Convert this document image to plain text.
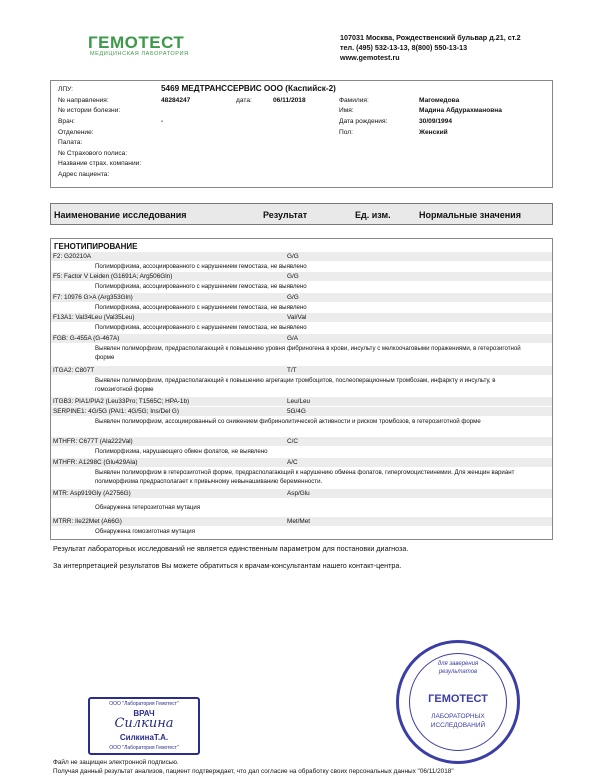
ГЕМОТЕСТ
МЕДИЦИНСКАЯ ЛАБОРАТОРИЯ
107031 Москва, Рождественский бульвар д.21, ст.2
тел. (495) 532-13-13, 8(800) 550-13-13
www.gemotest.ru
ЛПУ:	5469 МЕДТРАНССЕРВИС ООО (Каспийск-2)
№ направления:	48284247	дата:	06/11/2018
№ истории болезни:
Врач:	-
Отделение:
Палата:
№ Страхового полиса:
Название страх. компании:
Адрес пациента:
Фамилия:	Магомедова
Имя:	Мадина Абдурахмановна
Дата рождения:	30/09/1994
Пол:	Женский
Наименование исследования	Результат	Ед. изм.	Нормальные значения
ГЕНОТИПИРОВАНИЕ
F2: G20210A	G/G
Полиморфизма, ассоциированного с нарушением гемостаза, не выявлено
F5: Factor V Leiden (G1691A; Arg506Gln)	G/G
Полиморфизма, ассоциированного с нарушением гемостаза, не выявлено
F7: 10976 G>A (Arg353Gln)	G/G
Полиморфизма, ассоциированного с нарушением гемостаза, не выявлено
F13A1: Val34Leu (Val35Leu)	Val/Val
Полиморфизма, ассоциированного с нарушением гемостаза, не выявлено
FGB: G-455A (G-467A)	G/A
Выявлен полиморфизм, предрасполагающий к повышению уровня фибриногена в крови, инсульту с мелкоочаговыми поражениями, в гетерозиготной форме
ITGA2: C807T	T/T
Выявлен полиморфизм, предрасполагающий к повышению агрегации тромбоцитов, послеоперационным тромбозам, инфаркту и инсульту, в гомозиготной форме
ITGB3: PlA1/PlA2 (Leu33Pro; T1565C; HPA-1b)	Leu/Leu
SERPINE1: 4G/5G (PAI1: 4G/5G; Ins/Del G)	5G/4G
Выявлен полиморфизм, ассоциированный со снижением фибринолитической активности и риском тромбозов, в гетерозиготной форме
MTHFR: C677T (Ala222Val)	C/C
Полиморфизма, нарушающего обмен фолатов, не выявлено
MTHFR: A1298C (Glu429Ala)	A/C
Выявлен полиморфизм в гетерозиготной форме, предрасполагающий к нарушению обмена фолатов, гипергомоцистеинемии. Для женщин вариант полиморфизма предрасполагает к привычному невынашиванию беременности.
MTR: Asp919Gly (A2756G)	Asp/Glu
Обнаружена гетерозиготная мутация
MTRR: Ile22Met (A66G)	Met/Met
Обнаружена гомозиготная мутация
Результат лабораторных исследований не является единственным параметром для постановки диагноза.
За интерпретацией результатов Вы можете обратиться к врачам-консультантам нашего контакт-центра.
ООО "Лаборатория Гемотест"
ВРАЧ
Силкина
СилкинаТ.А.
ООО "Лаборатория Гемотест"
для заверения
результатов
ГЕМОТЕСТ
ЛАБОРАТОРНЫХ
ИССЛЕДОВАНИЙ
Файл не защищен электронной подписью.
Получая данный результат анализов, пациент подтверждает, что дал согласие на обработку своих персональных данных "06/11/2018"
